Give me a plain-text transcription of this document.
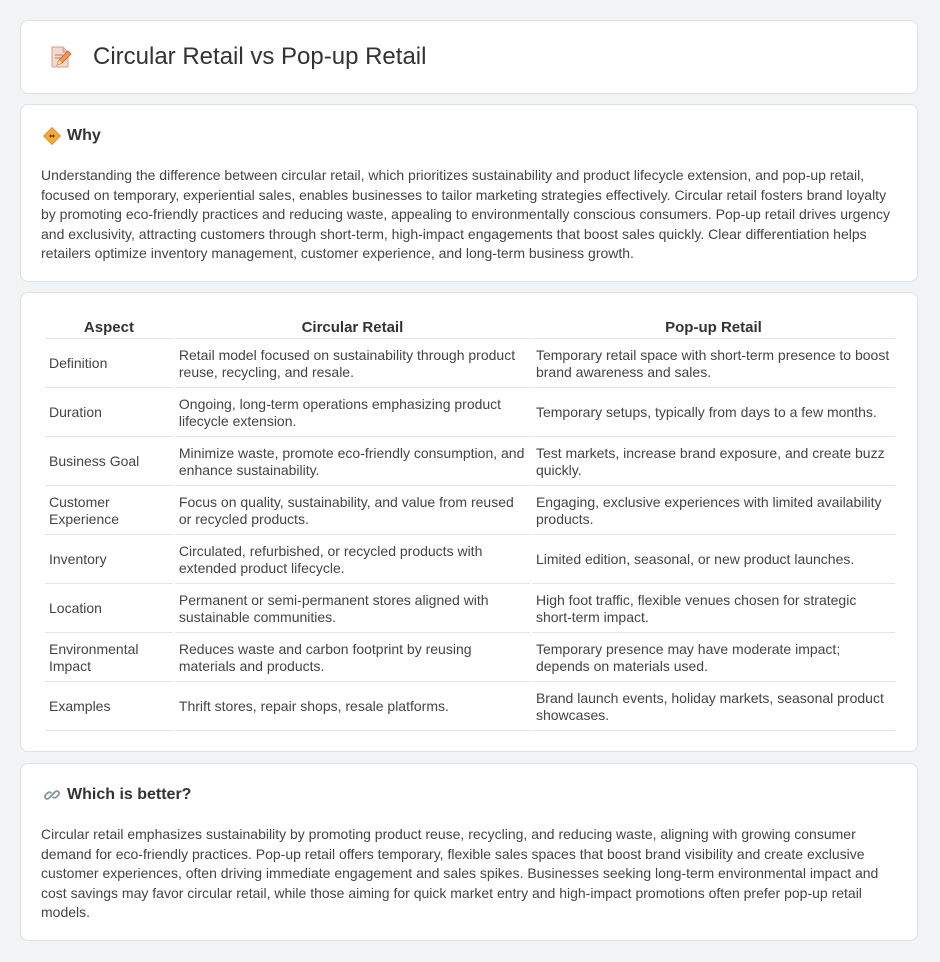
Circular Retail vs Pop-up Retail
Why

Understanding the difference between circular retail, which prioritizes sustainability and product lifecycle extension, and pop-up retail, focused on temporary, experiential sales, enables businesses to tailor marketing strategies effectively. Circular retail fosters brand loyalty by promoting eco-friendly practices and reducing waste, appealing to environmentally conscious consumers. Pop-up retail drives urgency and exclusivity, attracting customers through short-term, high-impact engagements that boost sales quickly. Clear differentiation helps retailers optimize inventory management, customer experience, and long-term business growth.

Aspect	Circular Retail	Pop-up Retail
Definition	Retail model focused on sustainability through product reuse, recycling, and resale.	Temporary retail space with short-term presence to boost brand awareness and sales.
Duration	Ongoing, long-term operations emphasizing product lifecycle extension.	Temporary setups, typically from days to a few months.
Business Goal	Minimize waste, promote eco-friendly consumption, and enhance sustainability.	Test markets, increase brand exposure, and create buzz quickly.
Customer Experience	Focus on quality, sustainability, and value from reused or recycled products.	Engaging, exclusive experiences with limited availability products.
Inventory	Circulated, refurbished, or recycled products with extended product lifecycle.	Limited edition, seasonal, or new product launches.
Location	Permanent or semi-permanent stores aligned with sustainable communities.	High foot traffic, flexible venues chosen for strategic short-term impact.
Environmental Impact	Reduces waste and carbon footprint by reusing materials and products.	Temporary presence may have moderate impact; depends on materials used.
Examples	Thrift stores, repair shops, resale platforms.	Brand launch events, holiday markets, seasonal product showcases.
Which is better?

Circular retail emphasizes sustainability by promoting product reuse, recycling, and reducing waste, aligning with growing consumer demand for eco-friendly practices. Pop-up retail offers temporary, flexible sales spaces that boost brand visibility and create exclusive customer experiences, often driving immediate engagement and sales spikes. Businesses seeking long-term environmental impact and cost savings may favor circular retail, while those aiming for quick market entry and high-impact promotions often prefer pop-up retail models.
